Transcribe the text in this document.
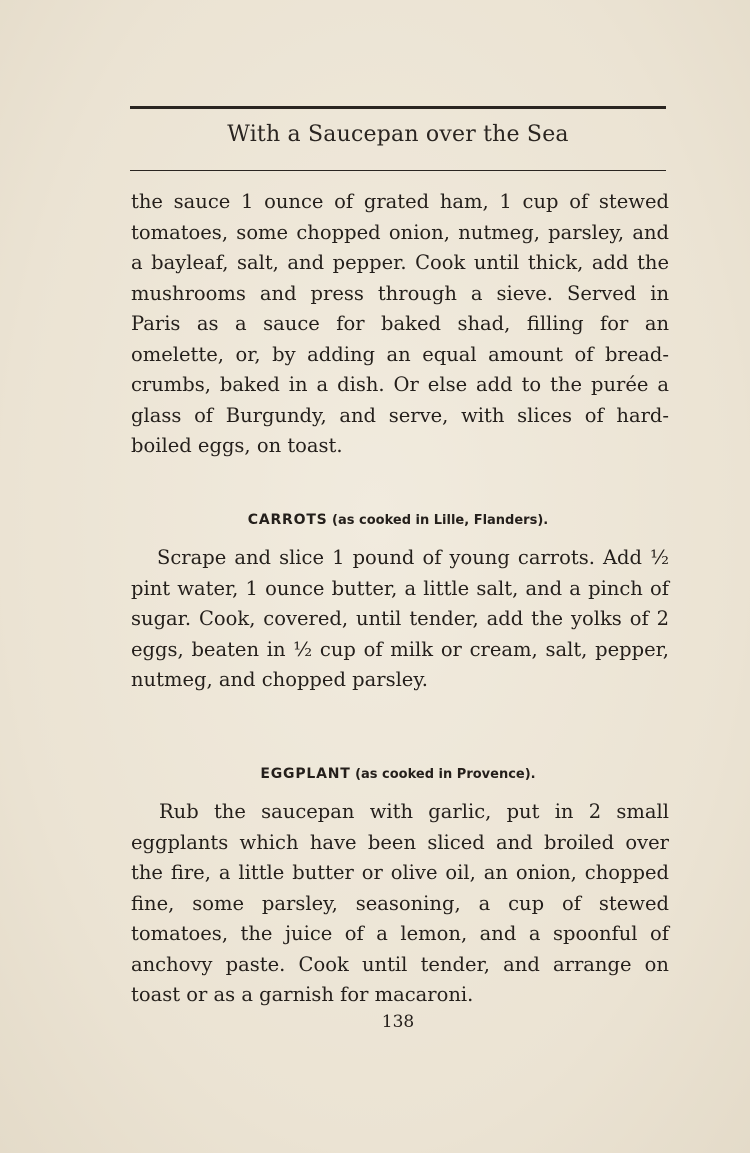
With a Saucepan over the Sea

the sauce 1 ounce of grated ham, 1 cup of stewed tomatoes, some chopped onion, nutmeg, parsley, and a bayleaf, salt, and pepper. Cook until thick, add the mushrooms and press through a sieve. Served in Paris as a sauce for baked shad, filling for an omelette, or, by adding an equal amount of bread-crumbs, baked in a dish. Or else add to the purée a glass of Burgundy, and serve, with slices of hard-boiled eggs, on toast.

CARROTS (as cooked in Lille, Flanders).

Scrape and slice 1 pound of young carrots. Add ½ pint water, 1 ounce butter, a little salt, and a pinch of sugar. Cook, covered, until tender, add the yolks of 2 eggs, beaten in ½ cup of milk or cream, salt, pepper, nutmeg, and chopped parsley.

EGGPLANT (as cooked in Provence).

Rub the saucepan with garlic, put in 2 small eggplants which have been sliced and broiled over the fire, a little butter or olive oil, an onion, chopped fine, some parsley, seasoning, a cup of stewed tomatoes, the juice of a lemon, and a spoonful of anchovy paste. Cook until tender, and arrange on toast or as a garnish for macaroni.

138
